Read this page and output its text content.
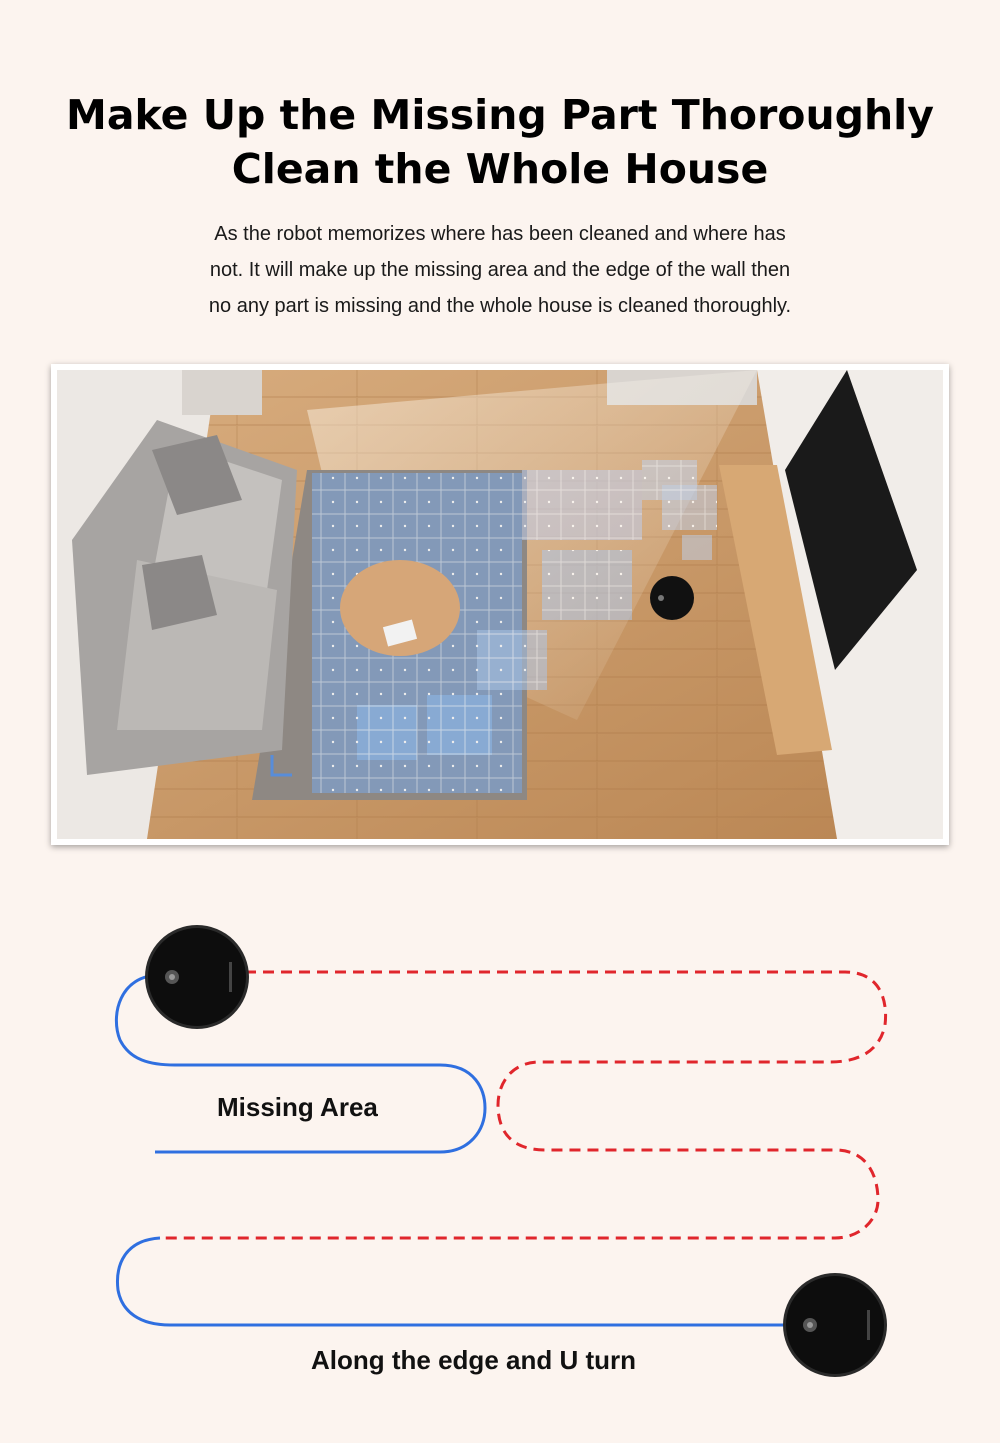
Make Up the Missing Part Thoroughly
Clean the Whole House
As the robot memorizes where has been cleaned and where has
not. It will make up the missing area and the edge of the wall then
no any part is missing and the whole house is cleaned thoroughly.
Missing Area
Along the edge and U turn
